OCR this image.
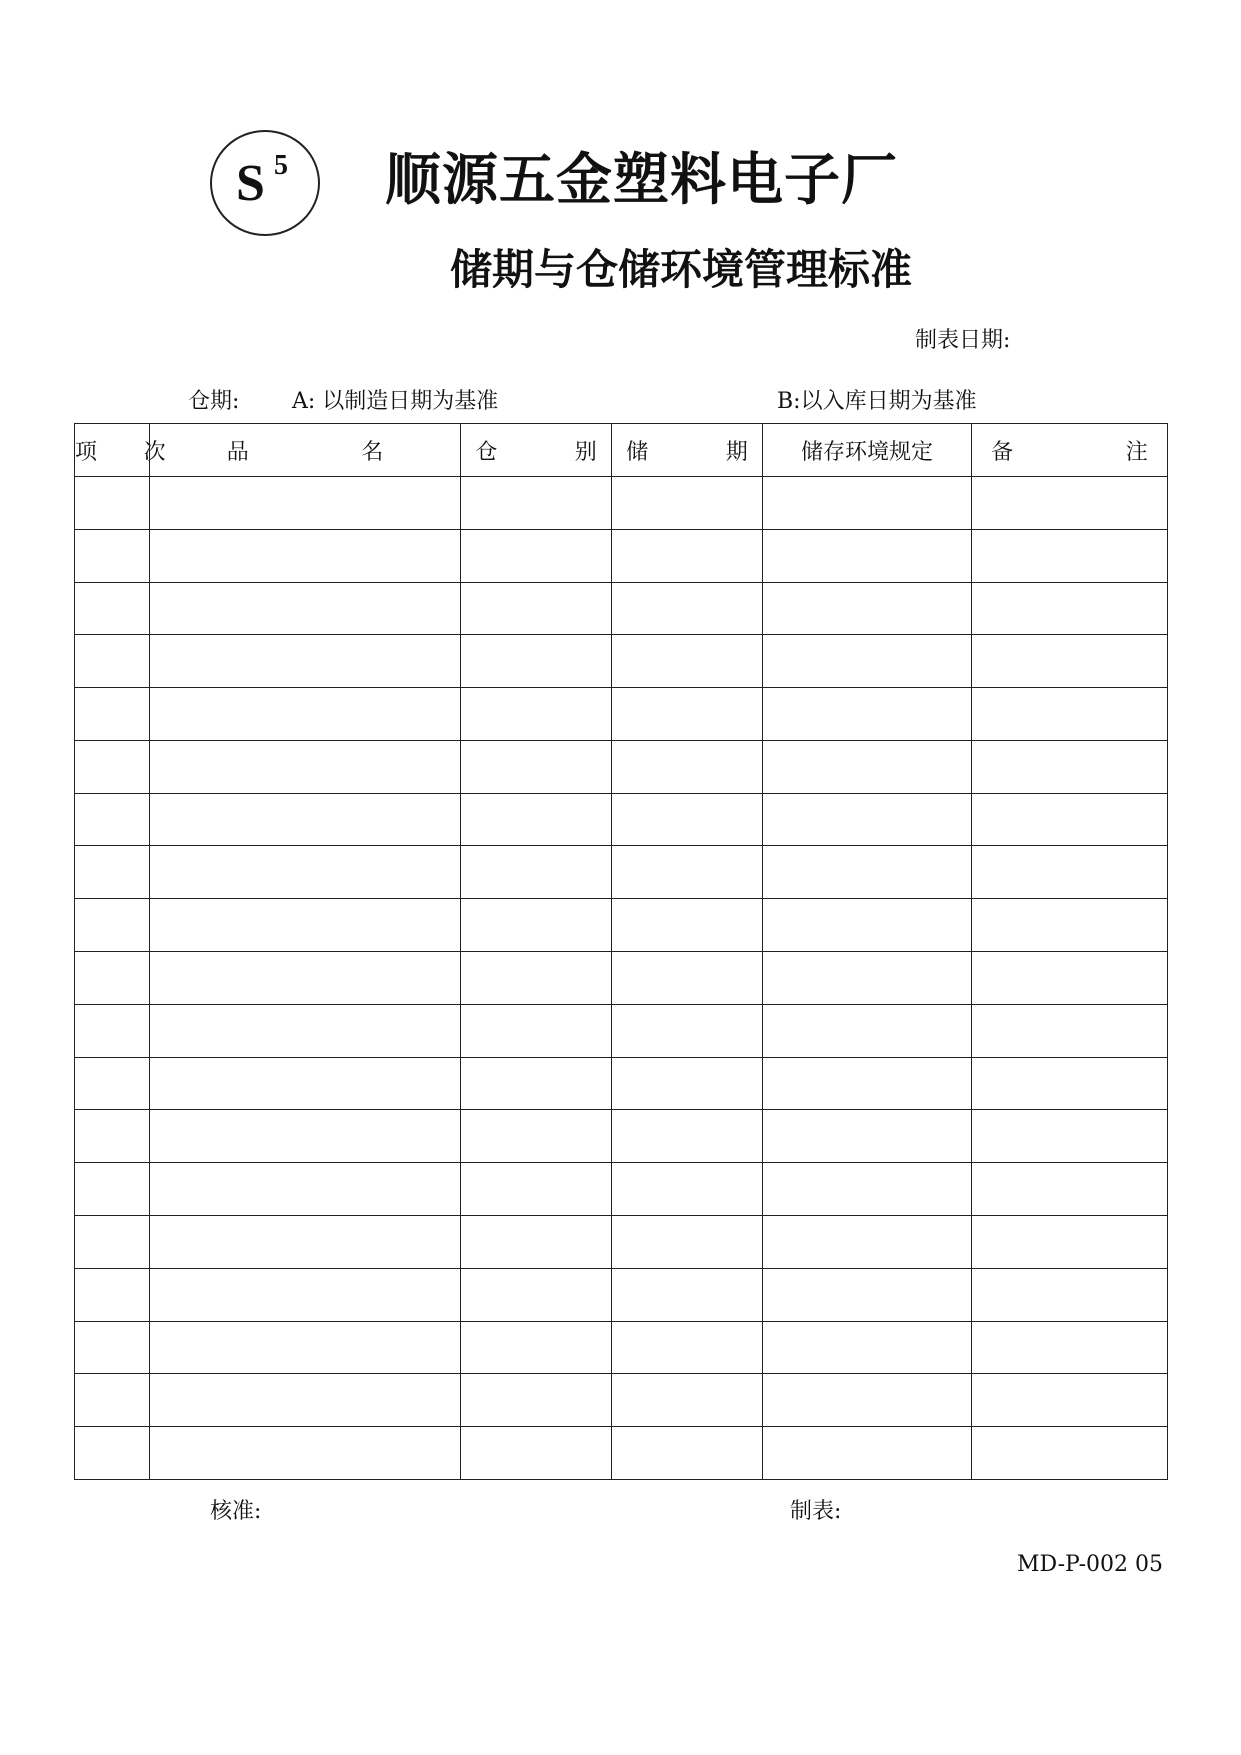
S 5 顺源五金塑料电子厂
储期与仓储环境管理标准
制表日期:
仓期: A: 以制造日期为基准	B:以入库日期为基准
项 次	品 名	仓 别	储 期	储存环境规定	备 注

核准:	制表:
MD-P-002 05
